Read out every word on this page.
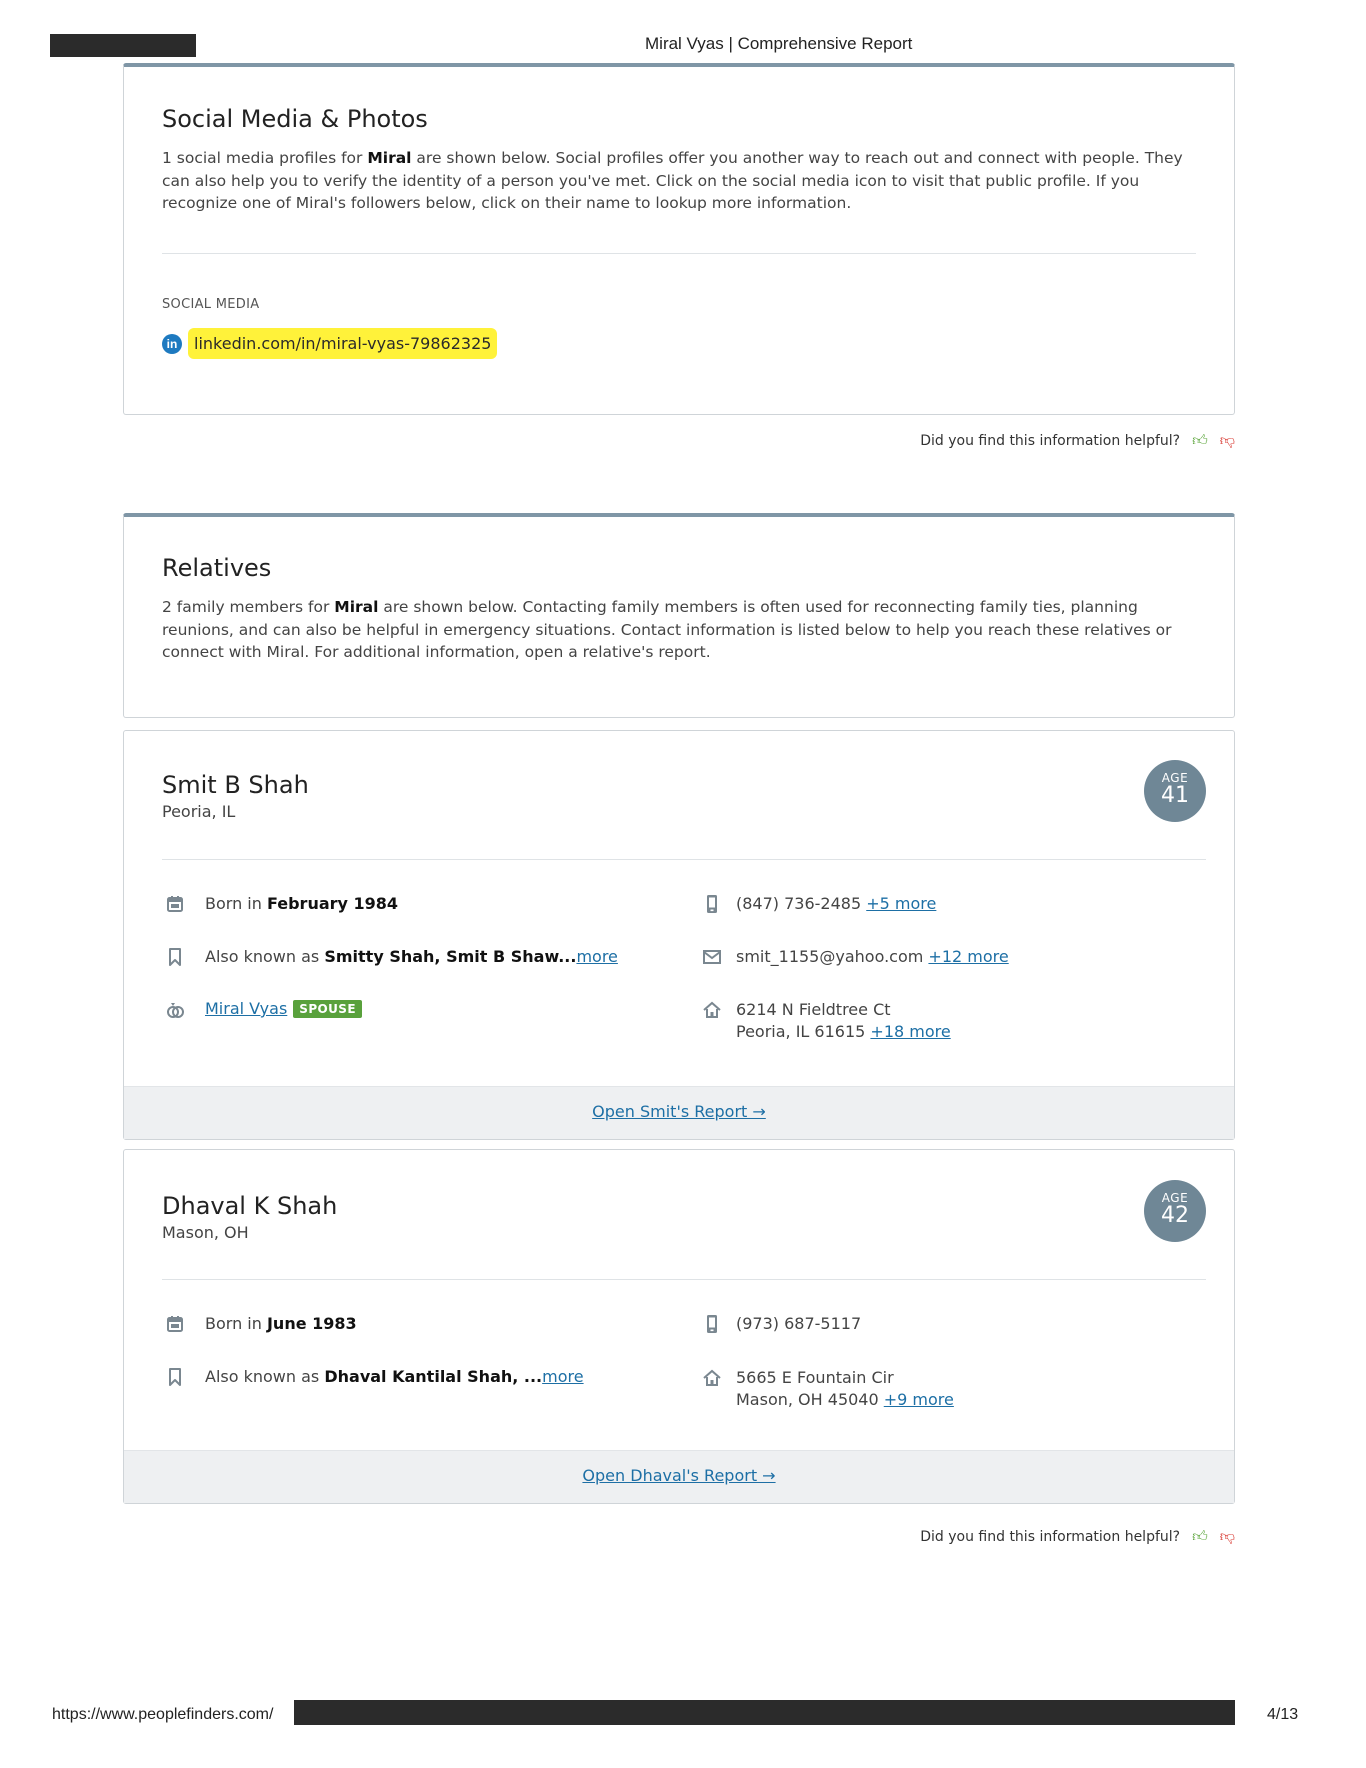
Miral Vyas | Comprehensive Report
Social Media & Photos
1 social media profiles for Miral are shown below. Social profiles offer you another way to reach out and connect with people. They can also help you to verify the identity of a person you've met. Click on the social media icon to visit that public profile. If you recognize one of Miral's followers below, click on their name to lookup more information.
SOCIAL MEDIA
in linkedin.com/in/miral-vyas-79862325
Did you find this information helpful? 👍︎ 👎︎
Relatives
2 family members for Miral are shown below. Contacting family members is often used for reconnecting family ties, planning reunions, and can also be helpful in emergency situations. Contact information is listed below to help you reach these relatives or connect with Miral. For additional information, open a relative's report.
Smit B Shah
Peoria, IL
AGE
41
Born in February 1984
Also known as Smitty Shah, Smit B Shaw...more
Miral Vyas SPOUSE
(847) 736-2485 +5 more
smit_1155@yahoo.com +12 more
6214 N Fieldtree Ct
Peoria, IL 61615 +18 more
Open Smit's Report →
Dhaval K Shah
Mason, OH
AGE
42
Born in June 1983
Also known as Dhaval Kantilal Shah, ...more
(973) 687-5117
5665 E Fountain Cir
Mason, OH 45040 +9 more
Open Dhaval's Report →
Did you find this information helpful? 👍︎ 👎︎
https://www.peoplefinders.com/	4/13
